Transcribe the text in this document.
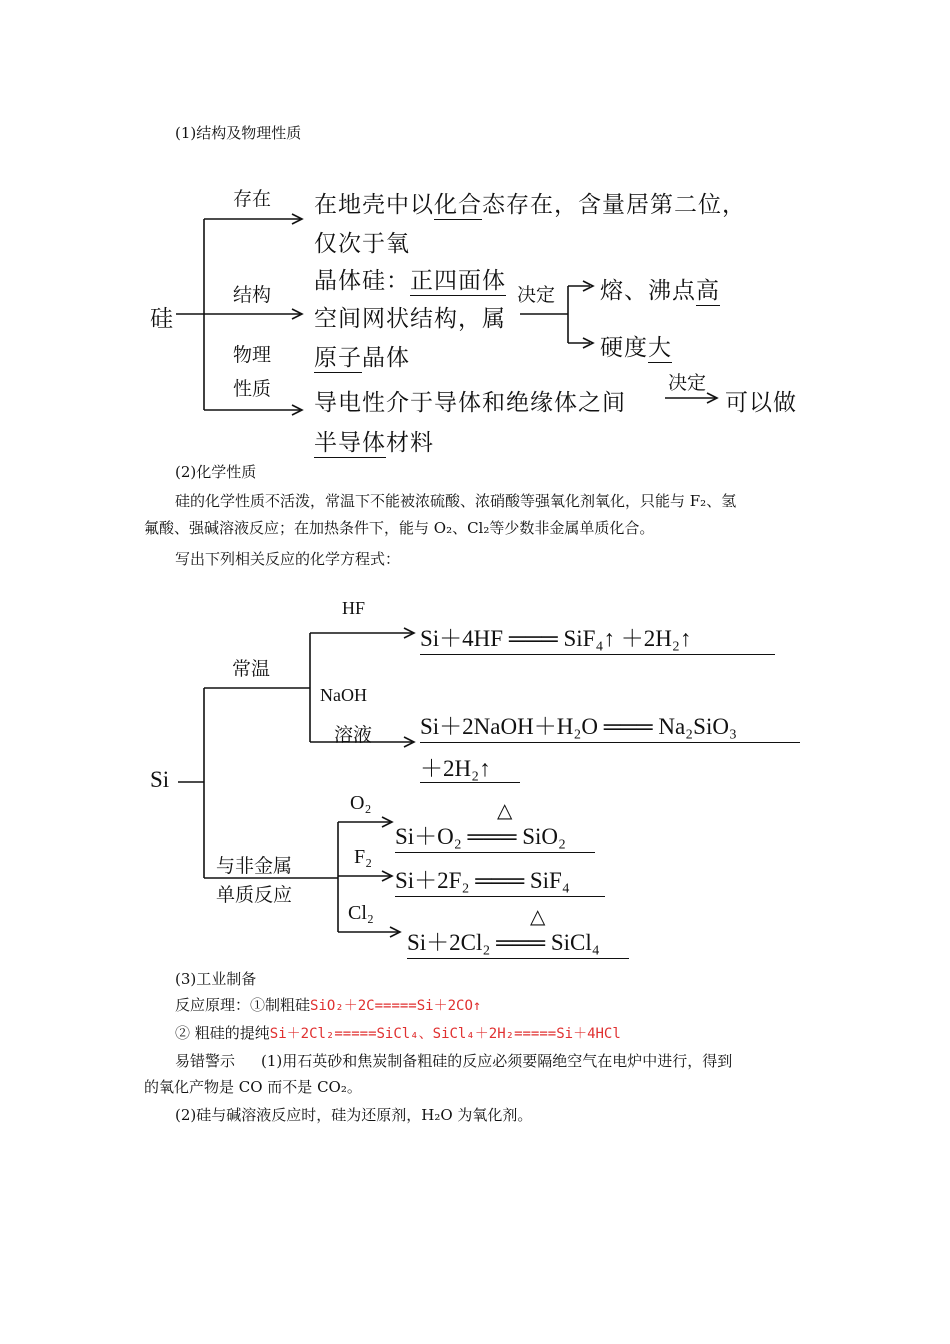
(1)结构及物理性质
硅
存在
结构
物理
性质
在地壳中以化合态存在，含量居第二位，
仅次于氧
晶体硅：正四面体
空间网状结构，属
原子晶体
决定 熔、沸点高
硬度大
导电性介于导体和绝缘体之间
决定
可以做
半导体材料
(2)化学性质
硅的化学性质不活泼，常温下不能被浓硫酸、浓硝酸等强氧化剂氧化，只能与 F₂、氢
氟酸、强碱溶液反应；在加热条件下，能与 O₂、Cl₂等少数非金属单质化合。
写出下列相关反应的化学方程式：
Si
常温
HF
NaOH
溶液
与非金属
单质反应
O₂
F₂
Cl₂
Si＋4HF ═══ SiF₄↑ ＋2H₂↑
Si＋2NaOH＋H₂O ═══ Na₂SiO₃
＋2H₂↑
△
Si＋O₂ ═══ SiO₂
Si＋2F₂ ═══ SiF₄
△
Si＋2Cl₂ ═══ SiCl₄
(3)工业制备
反应原理：①制粗硅SiO₂＋2C=====Si＋2CO↑
② 粗硅的提纯Si＋2Cl₂=====SiCl₄、SiCl₄＋2H₂=====Si＋4HCl
易错警示 (1)用石英砂和焦炭制备粗硅的反应必须要隔绝空气在电炉中进行，得到
的氧化产物是 CO 而不是 CO₂。
(2)硅与碱溶液反应时，硅为还原剂，H₂O 为氧化剂。
